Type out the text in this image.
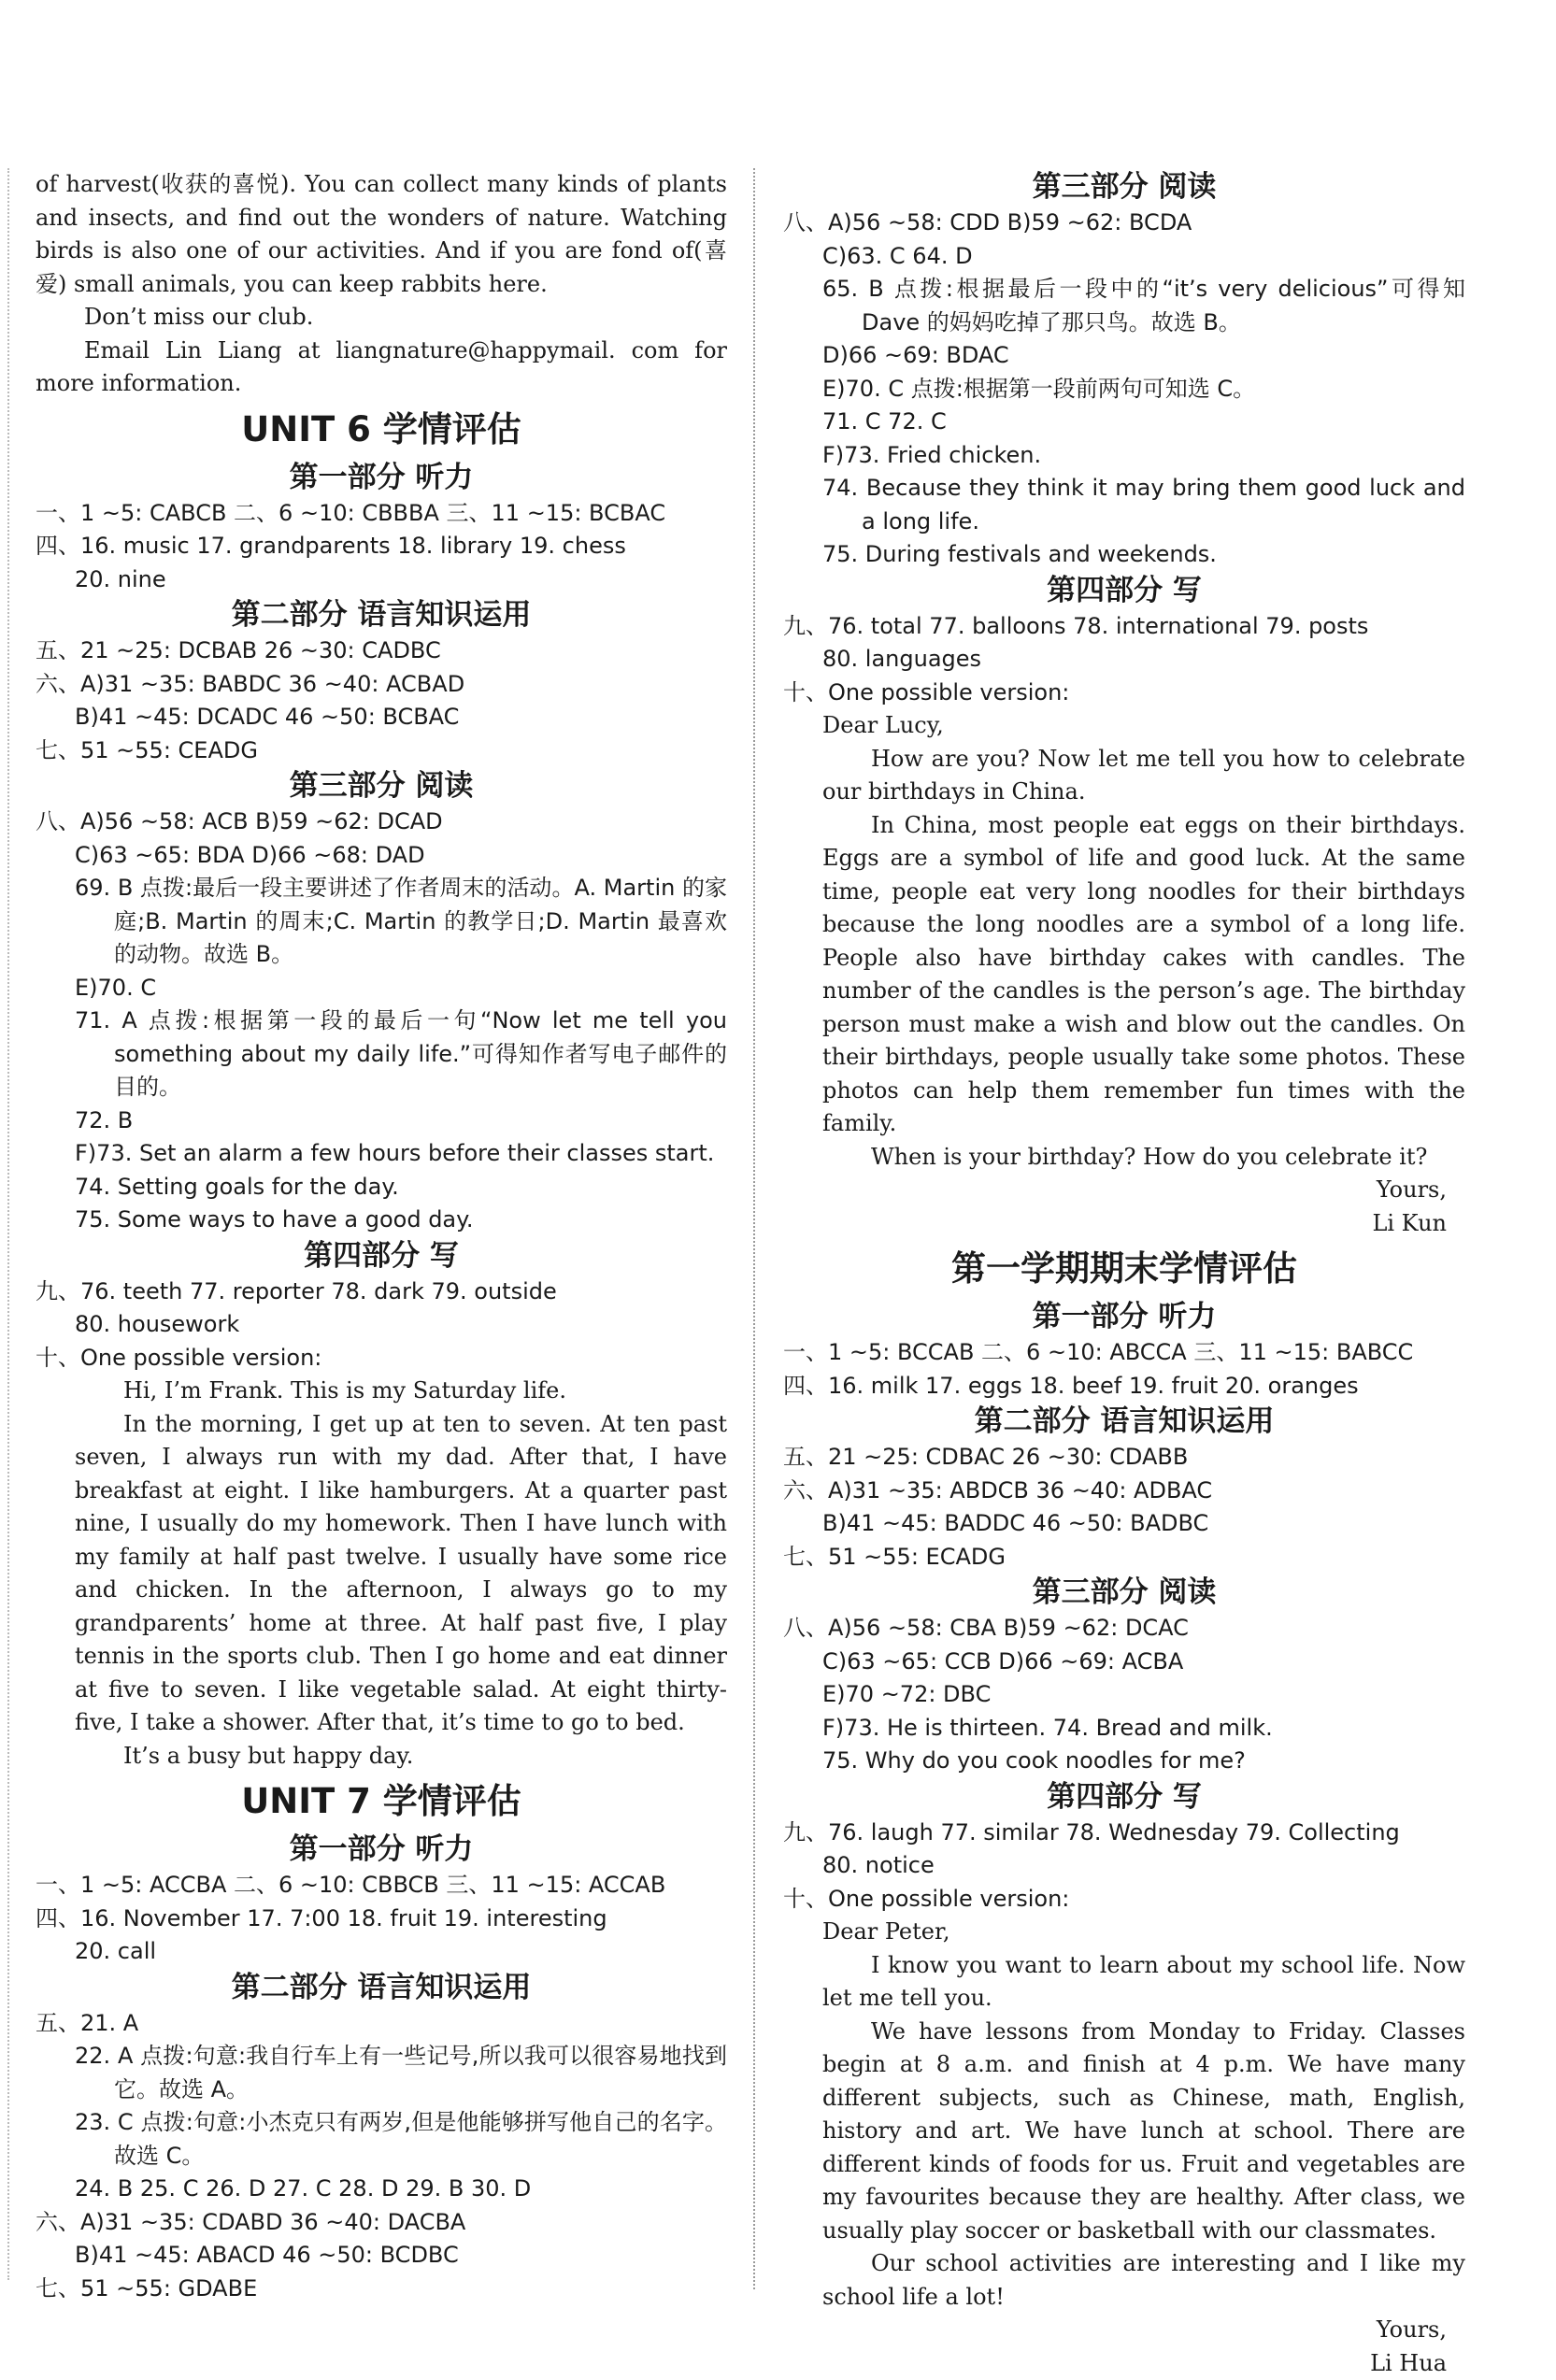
of harvest(收获的喜悦). You can collect many kinds of plants and insects, and find out the wonders of nature. Watching birds is also one of our activities. And if you are fond of(喜爱) small animals, you can keep rabbits here.

Don’t miss our club.

Email Lin Liang at liangnature@happymail. com for more information.

UNIT 6 学情评估
第一部分 听力

一、1 ~5: CABCB 二、6 ~10: CBBBA 三、11 ~15: BCBAC

四、16. music 17. grandparents 18. library 19. chess

20. nine

第二部分 语言知识运用

五、21 ~25: DCBAB 26 ~30: CADBC

六、A)31 ~35: BABDC 36 ~40: ACBAD

B)41 ~45: DCADC 46 ~50: BCBAC

七、51 ~55: CEADG

第三部分 阅读

八、A)56 ~58: ACB B)59 ~62: DCAD

C)63 ~65: BDA D)66 ~68: DAD

69. B 点拨:最后一段主要讲述了作者周末的活动。A. Martin 的家庭;B. Martin 的周末;C. Martin 的教学日;D. Martin 最喜欢的动物。故选 B。

E)70. C

71. A 点拨:根据第一段的最后一句“Now let me tell you something about my daily life.”可得知作者写电子邮件的目的。

72. B

F)73. Set an alarm a few hours before their classes start.

74. Setting goals for the day.

75. Some ways to have a good day.

第四部分 写

九、76. teeth 77. reporter 78. dark 79. outside

80. housework

十、One possible version:

Hi, I’m Frank. This is my Saturday life.

In the morning, I get up at ten to seven. At ten past seven, I always run with my dad. After that, I have breakfast at eight. I like hamburgers. At a quarter past nine, I usually do my homework. Then I have lunch with my family at half past twelve. I usually have some rice and chicken. In the afternoon, I always go to my grandparents’ home at three. At half past five, I play tennis in the sports club. Then I go home and eat dinner at five to seven. I like vegetable salad. At eight thirty-five, I take a shower. After that, it’s time to go to bed.

It’s a busy but happy day.

UNIT 7 学情评估
第一部分 听力

一、1 ~5: ACCBA 二、6 ~10: CBBCB 三、11 ~15: ACCAB

四、16. November 17. 7:00 18. fruit 19. interesting

20. call

第二部分 语言知识运用

五、21. A

22. A 点拨:句意:我自行车上有一些记号,所以我可以很容易地找到它。故选 A。

23. C 点拨:句意:小杰克只有两岁,但是他能够拼写他自己的名字。故选 C。

24. B 25. C 26. D 27. C 28. D 29. B 30. D

六、A)31 ~35: CDABD 36 ~40: DACBA

B)41 ~45: ABACD 46 ~50: BCDBC

七、51 ~55: GDABE

第三部分 阅读

八、A)56 ~58: CDD B)59 ~62: BCDA

C)63. C 64. D

65. B 点拨:根据最后一段中的“it’s very delicious”可得知 Dave 的妈妈吃掉了那只鸟。故选 B。

D)66 ~69: BDAC

E)70. C 点拨:根据第一段前两句可知选 C。

71. C 72. C

F)73. Fried chicken.

74. Because they think it may bring them good luck and a long life.

75. During festivals and weekends.

第四部分 写

九、76. total 77. balloons 78. international 79. posts

80. languages

十、One possible version:

Dear Lucy,

How are you? Now let me tell you how to celebrate our birthdays in China.

In China, most people eat eggs on their birthdays. Eggs are a symbol of life and good luck. At the same time, people eat very long noodles for their birthdays because the long noodles are a symbol of a long life. People also have birthday cakes with candles. The number of the candles is the person’s age. The birthday person must make a wish and blow out the candles. On their birthdays, people usually take some photos. These photos can help them remember fun times with the family.

When is your birthday? How do you celebrate it?

Yours,

Li Kun

第一学期期末学情评估
第一部分 听力

一、1 ~5: BCCAB 二、6 ~10: ABCCA 三、11 ~15: BABCC

四、16. milk 17. eggs 18. beef 19. fruit 20. oranges

第二部分 语言知识运用

五、21 ~25: CDBAC 26 ~30: CDABB

六、A)31 ~35: ABDCB 36 ~40: ADBAC

B)41 ~45: BADDC 46 ~50: BADBC

七、51 ~55: ECADG

第三部分 阅读

八、A)56 ~58: CBA B)59 ~62: DCAC

C)63 ~65: CCB D)66 ~69: ACBA

E)70 ~72: DBC

F)73. He is thirteen. 74. Bread and milk.

75. Why do you cook noodles for me?

第四部分 写

九、76. laugh 77. similar 78. Wednesday 79. Collecting

80. notice

十、One possible version:

Dear Peter,

I know you want to learn about my school life. Now let me tell you.

We have lessons from Monday to Friday. Classes begin at 8 a.m. and finish at 4 p.m. We have many different subjects, such as Chinese, math, English, history and art. We have lunch at school. There are different kinds of foods for us. Fruit and vegetables are my favourites because they are healthy. After class, we usually play soccer or basketball with our classmates.

Our school activities are interesting and I like my school life a lot!

Yours,

Li Hua
